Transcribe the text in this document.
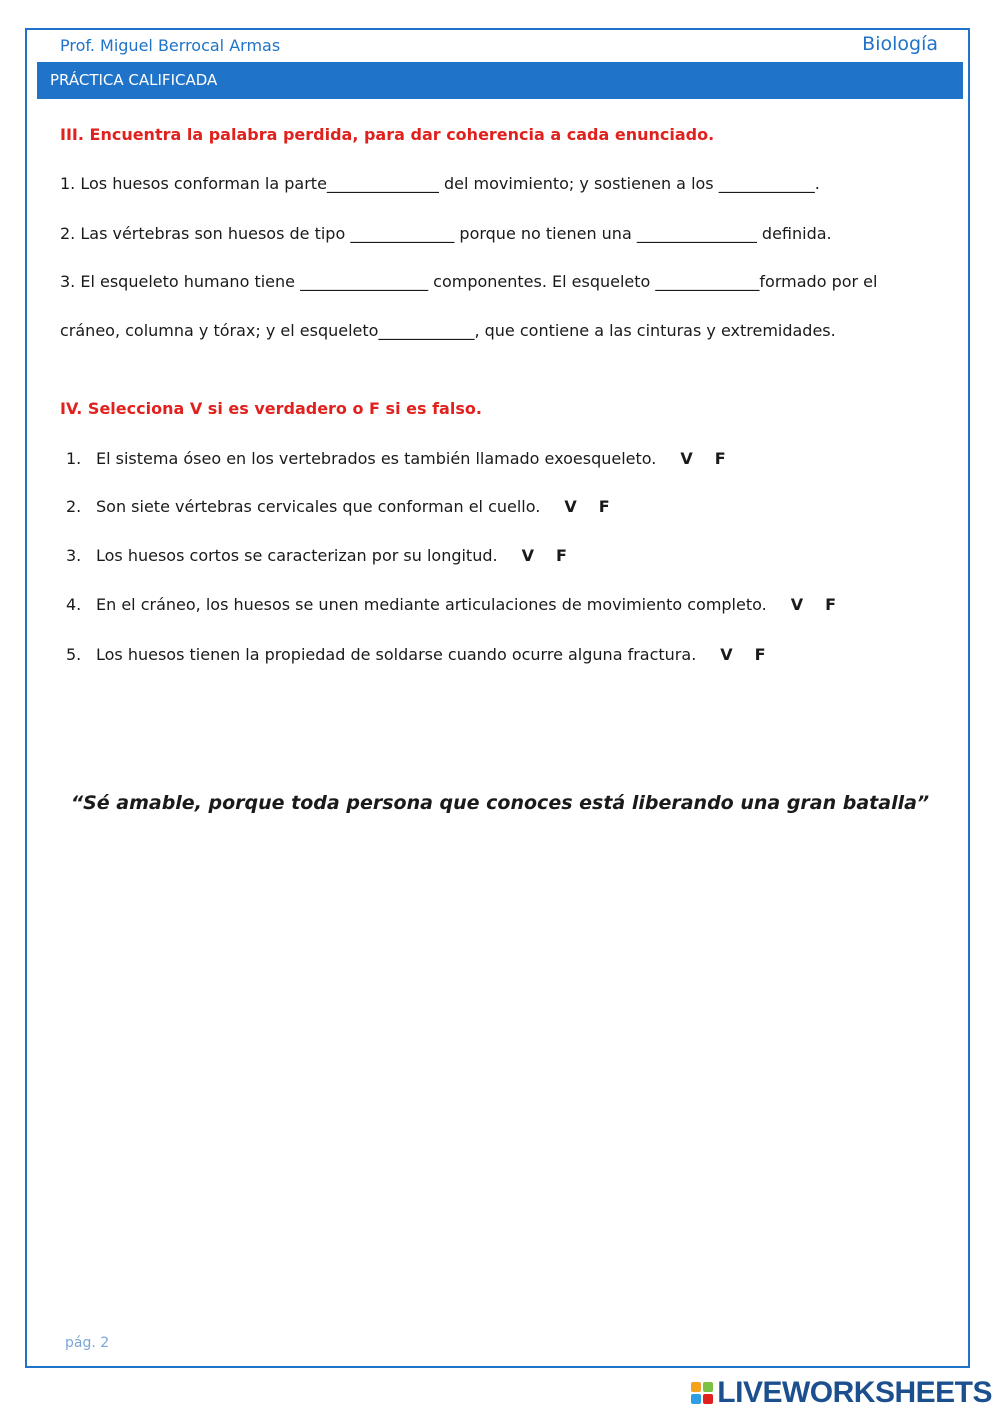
Prof. Miguel Berrocal Armas	Biología
PRÁCTICA CALIFICADA
III. Encuentra la palabra perdida, para dar coherencia a cada enunciado.
1. Los huesos conforman la parte______________ del movimiento; y sostienen a los ____________.
2. Las vértebras son huesos de tipo _____________ porque no tienen una _______________ definida.
3. El esqueleto humano tiene ________________ componentes. El esqueleto _____________formado por el
cráneo, columna y tórax; y el esqueleto____________, que contiene a las cinturas y extremidades.
IV. Selecciona V si es verdadero o F si es falso.
1. El sistema óseo en los vertebrados es también llamado exoesqueleto. V F
2. Son siete vértebras cervicales que conforman el cuello. V F
3. Los huesos cortos se caracterizan por su longitud. V F
4. En el cráneo, los huesos se unen mediante articulaciones de movimiento completo. V F
5. Los huesos tienen la propiedad de soldarse cuando ocurre alguna fractura. V F
“Sé amable, porque toda persona que conoces está liberando una gran batalla”
pág. 2
LIVEWORKSHEETS
